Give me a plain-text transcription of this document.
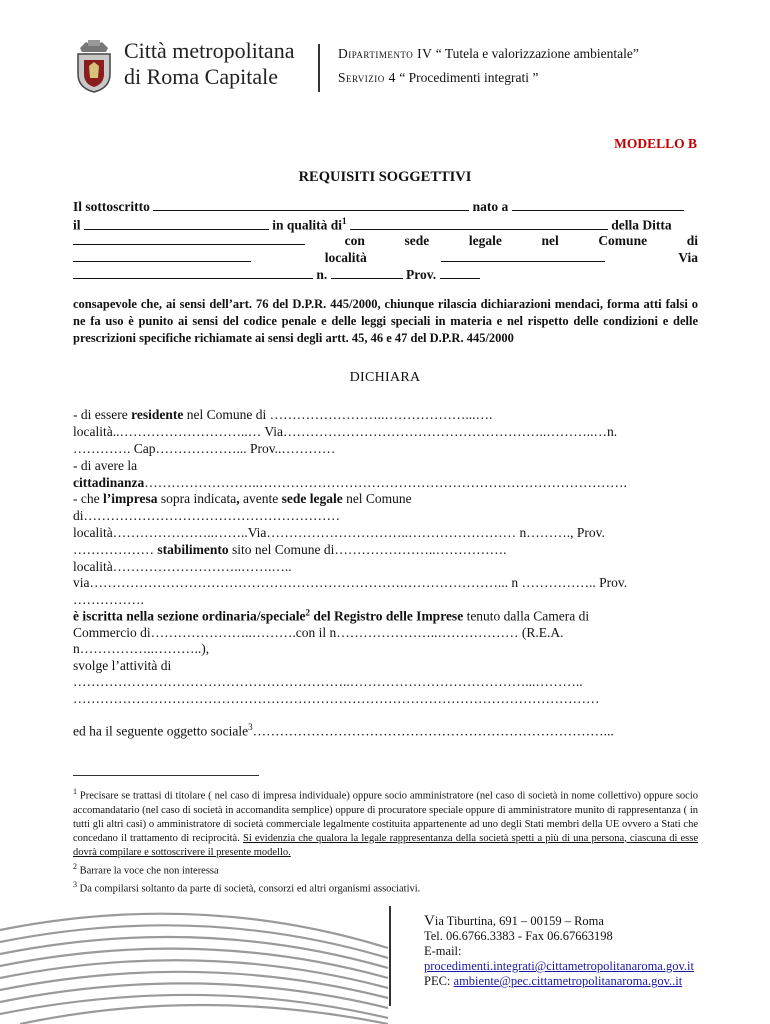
Città metropolitana
di Roma Capitale
Dipartimento IV “ Tutela e valorizzazione ambientale”
Servizio 4 “ Procedimenti integrati ”
MODELLO B
REQUISITI SOGGETTIVI
Il sottoscritto	nato a
il	in qualità $di^1$	della Ditta
con	sede	legale	nel	Comune	di
località	Via
n.	Prov.
consapevole che, ai sensi dell’art. 76 del D.P.R. 445/2000, chiunque rilascia dichiarazioni mendaci, forma atti falsi o ne fa uso è punito ai sensi del codice penale e delle leggi speciali in materia e nel rispetto delle condizioni e delle prescrizioni specifiche richiamate ai sensi degli artt. 45, 46 e 47 del D.P.R. 445/2000
DICHIARA
- di essere residente nel Comune di ……………………..………………...….
località..………………………..… Via…………………………………………………..………..…n.
…………. Cap………………... Prov..…………
- di avere la
cittadinanza……………………..……………………………………………………………………….
- che l’impresa sopra indicata, avente sede legale nel Comune
di…………………………………………………
località…………………..……..Via…………………………..…………………… n………., Prov.
……………… stabilimento sito nel Comune di…………………..…………….
località………………………..…….…..
via…………………………………………………………….…………………... n …………….. Prov.
…………….
è iscritta nella sezione ordinaria/speciale$^2$ del Registro delle Imprese tenuto dalla Camera di
Commercio di…………………..……….con il n…………………..……………… (R.E.A.
n……………..………..),
svolge l’attività di
……………………………………………………..…………………………………...………..
………………………………………………………………………………………………………
ed ha il seguente oggetto sociale$^3$……………………………………………………………………...

$^1$ Precisare se trattasi di titolare ( nel caso di impresa individuale) oppure socio amministratore (nel caso di società in nome collettivo) oppure socio accomandatario (nel caso di società in accomandita semplice) oppure di procuratore speciale oppure di amministratore munito di rappresentanza ( in tutti gli altri casi) o amministratore di società commerciale legalmente costituita appartenente ad uno degli Stati membri della UE ovvero a Stati che concedano il trattamento di reciprocità. Si evidenzia che qualora la legale rappresentanza della società spetti a più di una persona, ciascuna di esse dovrà compilare e sottoscrivere il presente modello.

$^2$ Barrare la voce che non interessa

$^3$ Da compilarsi soltanto da parte di società, consorzi ed altri organismi associativi.

Via Tiburtina, 691 – 00159 – Roma
Tel. 06.6766.3383 - Fax 06.67663198
E-mail:
procedimenti.integrati@cittametropolitanaroma.gov.it
PEC: ambiente@pec.cittametropolitanaroma.gov..it
